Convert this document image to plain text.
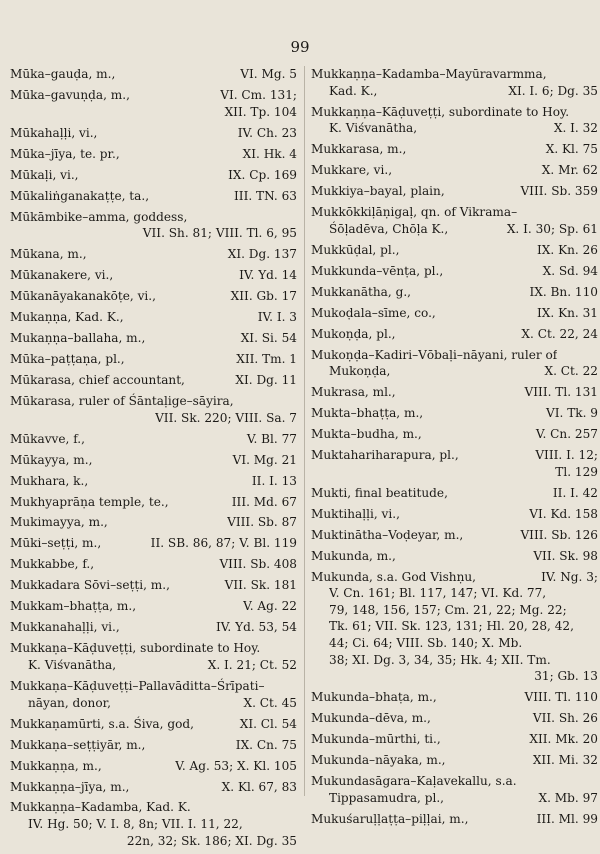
99
Mūka–gauḍa, m.,	VI. Mg. 5
Mūka–gavuṇḍa, m.,	VI. Cm. 131;
XII. Tp. 104
Mūkahaḷḷi, vi.,	IV. Ch. 23
Mūka–jīya, te. pr.,	XI. Hk. 4
Mūkaḷi, vi.,	IX. Cp. 169
Mūkaliṅganakaṭṭe, ta.,	III. TN. 63
Mūkāmbike–amma, goddess,
VII. Sh. 81; VIII. Tl. 6, 95
Mūkana, m.,	XI. Dg. 137
Mūkanakere, vi.,	IV. Yd. 14
Mūkanāyakanakōṭe, vi.,	XII. Gb. 17
Mukaṇṇa, Kad. K.,	IV. I. 3
Mukaṇṇa–ballaha, m.,	XI. Si. 54
Mūka–paṭṭaṇa, pl.,	XII. Tm. 1
Mūkarasa, chief accountant,	XI. Dg. 11
Mūkarasa, ruler of Śāntaḷige–sāyira,
VII. Sk. 220; VIII. Sa. 7
Mūkavve, f.,	V. Bl. 77
Mūkayya, m.,	VI. Mg. 21
Mukhara, k.,	II. I. 13
Mukhyaprāṇa temple, te.,	III. Md. 67
Mukimayya, m.,	VIII. Sb. 87
Mūki–seṭṭi, m.,	II. SB. 86, 87; V. Bl. 119
Mukkabbe, f.,	VIII. Sb. 408
Mukkadara Sōvi–seṭṭi, m.,	VII. Sk. 181
Mukkam–bhaṭṭa, m.,	V. Ag. 22
Mukkanahaḷḷi, vi.,	IV. Yd. 53, 54
Mukkaṇa–Kāḍuveṭṭi, subordinate to Hoy.
K. Viśvanātha,	X. I. 21; Ct. 52
Mukkaṇa–Kāḍuveṭṭi–Pallavāditta–Śrīpati–
nāyan, donor,	X. Ct. 45
Mukkaṇamūrti, s.a. Śiva, god,	XI. Cl. 54
Mukkaṇa–seṭṭiyār, m.,	IX. Cn. 75
Mukkaṇṇa, m.,	V. Ag. 53; X. Kl. 105
Mukkaṇṇa–jīya, m.,	X. Kl. 67, 83
Mukkaṇṇa–Kadamba, Kad. K.
IV. Hg. 50; V. I. 8, 8n; VII. I. 11, 22,
22n, 32; Sk. 186; XI. Dg. 35
Mukkaṇṇa–Kadamba–Mayūravarmma,
Kad. K.,	XI. I. 6; Dg. 35
Mukkaṇṇa–Kāḍuveṭṭi, subordinate to Hoy.
K. Viśvanātha,	X. I. 32
Mukkarasa, m.,	X. Kl. 75
Mukkare, vi.,	X. Mr. 62
Mukkiya–bayal, plain,	VIII. Sb. 359
Mukkōkkiḷāṇigaḷ, qn. of Vikrama–
Śōḷadēva, Chōḷa K.,	X. I. 30; Sp. 61
Mukkūḍal, pl.,	IX. Kn. 26
Mukkunda–vēnṭa, pl.,	X. Sd. 94
Mukkanātha, g.,	IX. Bn. 110
Mukoḍala–sīme, co.,	IX. Kn. 31
Mukoṇḍa, pl.,	X. Ct. 22, 24
Mukoṇḍa–Kadiri–Vōbaḷi–nāyani, ruler of
Mukoṇḍa,	X. Ct. 22
Mukrasa, ml.,	VIII. Tl. 131
Mukta–bhaṭṭa, m.,	VI. Tk. 9
Mukta–budha, m.,	V. Cn. 257
Muktahariharapura, pl.,	VIII. I. 12;
Tl. 129
Mukti, final beatitude,	II. I. 42
Muktihaḷḷi, vi.,	VI. Kd. 158
Muktinātha–Voḍeyar, m.,	VIII. Sb. 126
Mukunda, m.,	VII. Sk. 98
Mukunda, s.a. God Vishṇu,	IV. Ng. 3;
V. Cn. 161; Bl. 117, 147; VI. Kd. 77,
79, 148, 156, 157; Cm. 21, 22; Mg. 22;
Tk. 61; VII. Sk. 123, 131; Hl. 20, 28, 42,
44; Ci. 64; VIII. Sb. 140; X. Mb.
38; XI. Dg. 3, 34, 35; Hk. 4; XII. Tm.
31; Gb. 13
Mukunda–bhaṭa, m.,	VIII. Tl. 110
Mukunda–dēva, m.,	VII. Sh. 26
Mukunda–mūrthi, ti.,	XII. Mk. 20
Mukunda–nāyaka, m.,	XII. Mi. 32
Mukundasāgara–Kaḷavekallu, s.a.
Tippasamudra, pl.,	X. Mb. 97
Mukuśaruḷḷaṭṭa–piḷḷai, m.,	III. Ml. 99
